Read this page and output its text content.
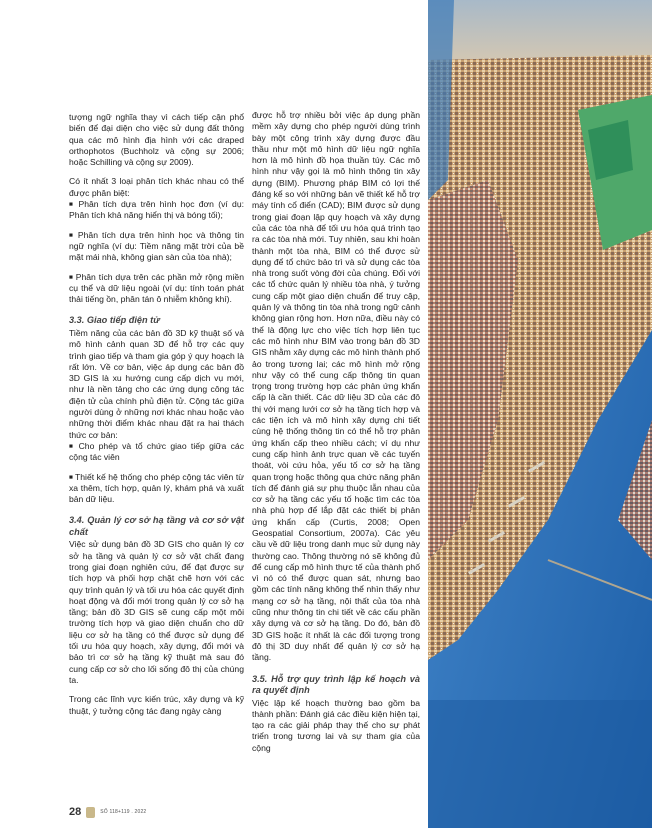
tượng ngữ nghĩa thay vì cách tiếp cận phổ biến để đại diện cho việc sử dụng đất thông qua các mô hình địa hình với các draped orthophotos (Buchholz và cộng sự 2006; hoặc Schilling và cộng sự 2009).

Có ít nhất 3 loại phân tích khác nhau có thể được phân biệt:

■ Phân tích dựa trên hình học đơn (ví dụ: Phân tích khả năng hiển thị và bóng tối);

■ Phân tích dựa trên hình học và thông tin ngữ nghĩa (ví dụ: Tiềm năng mặt trời của bề mặt mái nhà, không gian sàn của tòa nhà);

■ Phân tích dựa trên các phần mở rộng miền cụ thể và dữ liệu ngoài (ví dụ: tính toán phát thải tiếng ồn, phân tán ô nhiễm không khí).

3.3. Giao tiếp điện tử

Tiềm năng của các bản đồ 3D kỹ thuật số và mô hình cảnh quan 3D để hỗ trợ các quy trình giao tiếp và tham gia góp ý quy hoạch là rất lớn. Về cơ bản, việc áp dụng các bản đồ 3D GIS là xu hướng cung cấp dịch vụ mới, như là nền tảng cho các ứng dụng công tác điện tử của chính phủ điện tử. Cộng tác giữa người dùng ở những nơi khác nhau hoặc vào những thời điểm khác nhau đặt ra hai thách thức cơ bản:

■ Cho phép và tổ chức giao tiếp giữa các cộng tác viên

■ Thiết kế hệ thống cho phép cộng tác viên từ xa thêm, tích hợp, quản lý, khám phá và xuất bản dữ liệu.

3.4. Quản lý cơ sở hạ tầng và cơ sở vật chất

Việc sử dụng bản đồ 3D GIS cho quản lý cơ sở hạ tầng và quản lý cơ sở vật chất đang trong giai đoạn nghiên cứu, để đạt được sự tích hợp và phối hợp chặt chẽ hơn với các quy trình quản lý và tối ưu hóa các quyết định hoạt động và đổi mới trong quản lý cơ sở hạ tầng; bản đồ 3D GIS sẽ cung cấp một môi trường tích hợp và giao diện chuẩn cho dữ liệu cơ sở hạ tầng có thể được sử dụng để tối ưu hóa quy hoạch, xây dựng, đổi mới và bảo trì cơ sở hạ tầng kỹ thuật mà sau đó cung cấp cơ sở cho lối sống đô thị của chúng ta.

Trong các lĩnh vực kiến trúc, xây dựng và kỹ thuật, ý tưởng cộng tác đang ngày càng

được hỗ trợ nhiều bởi việc áp dụng phần mềm xây dựng cho phép người dùng trình bày một công trình xây dựng được đầu thầu như một mô hình dữ liệu ngữ nghĩa hơn là mô hình đồ họa thuần túy. Các mô hình như vậy gọi là mô hình thông tin xây dựng (BIM). Phương pháp BIM có lợi thế đáng kể so với những bản vẽ thiết kế hỗ trợ máy tính cổ điển (CAD); BIM được sử dụng trong giai đoạn lập quy hoạch và xây dựng của các tòa nhà để tối ưu hóa quá trình tạo ra các tòa nhà mới. Tuy nhiên, sau khi hoàn thành một tòa nhà, BIM có thể được sử dụng để tổ chức bảo trì và sử dụng các tòa nhà trong suốt vòng đời của chúng. Đối với các tổ chức quản lý nhiều tòa nhà, ý tưởng cung cấp một giao diện chuẩn để truy cập, quản lý và thông tin tòa nhà trong ngữ cảnh không gian rộng hơn. Hơn nữa, điều này có thể là động lực cho việc tích hợp liên tục các mô hình như BIM vào trong bản đồ 3D GIS nhằm xây dựng các mô hình thành phố ảo trong tương lai; các mô hình mở rộng như vậy có thể cung cấp thông tin quan trọng trong trường hợp các phản ứng khẩn cấp là cần thiết. Các dữ liệu 3D của các đô thị với mạng lưới cơ sở hạ tầng tích hợp và các tiện ích và mô hình xây dựng chi tiết cùng hệ thống thông tin có thể hỗ trợ phản ứng khẩn cấp theo nhiều cách; ví dụ như cung cấp hình ảnh trực quan về các tuyến thoát, vòi cứu hỏa, yếu tố cơ sở hạ tầng quan trọng hoặc thông qua chức năng phân tích để đánh giá sự phụ thuộc lẫn nhau của cơ sở hạ tầng các yếu tố hoặc tìm các tòa nhà phù hợp để lắp đặt các thiết bị phản ứng khẩn cấp (Curtis, 2008; Open Geospatial Consortium, 2007a). Các yêu cầu về dữ liệu trong danh mục sử dụng này thường cao. Thông thường nó sẽ không đủ để cung cấp mô hình thực tế của thành phố vì nó có thể được quan sát, nhưng bao gồm các tính năng không thể nhìn thấy như mạng cơ sở hạ tầng, nội thất của tòa nhà cũng như thông tin chi tiết về các cấu phần xây dựng và cơ sở hạ tầng. Do đó, bản đồ 3D GIS hoặc ít nhất là các đối tượng trong đô thị 3D duy nhất để quản lý cơ sở hạ tầng.

3.5. Hỗ trợ quy trình lập kế hoạch và ra quyết định

Việc lập kế hoạch thường bao gồm ba thành phần: Đánh giá các điều kiện hiện tại, tạo ra các giải pháp thay thế cho sự phát triển trong tương lai và sự tham gia của cộng

28	SỐ 118+119 . 2022
